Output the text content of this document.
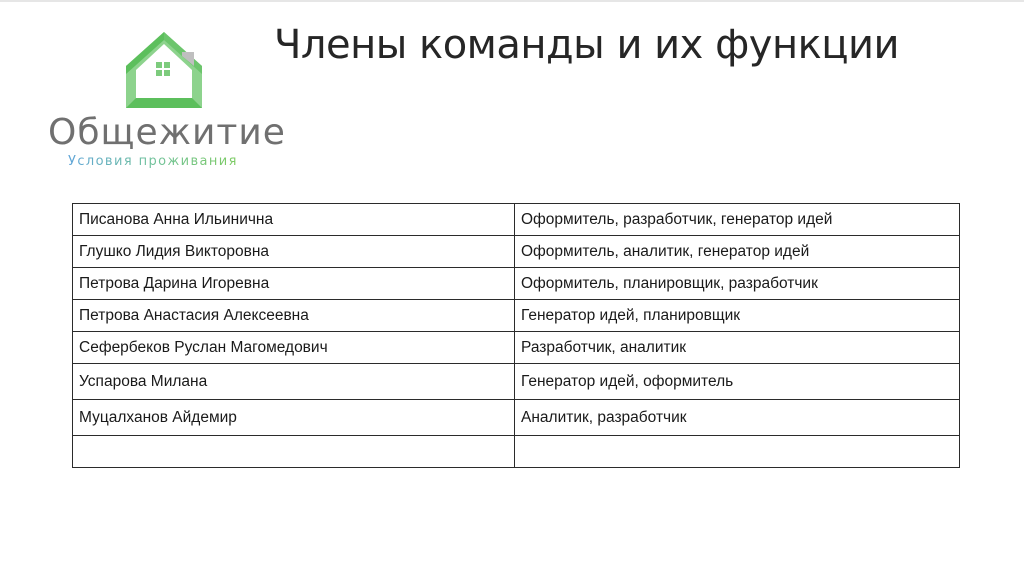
Общежитие
Условия проживания
Члены команды и их функции
Писанова Анна Ильинична	Оформитель, разработчик, генератор идей
Глушко Лидия Викторовна	Оформитель, аналитик, генератор идей
Петрова Дарина Игоревна	Оформитель, планировщик, разработчик
Петрова Анастасия Алексеевна	Генератор идей, планировщик
Сефербеков Руслан Магомедович	Разработчик, аналитик
Успарова Милана	Генератор идей, оформитель
Муцалханов Айдемир	Аналитик, разработчик
